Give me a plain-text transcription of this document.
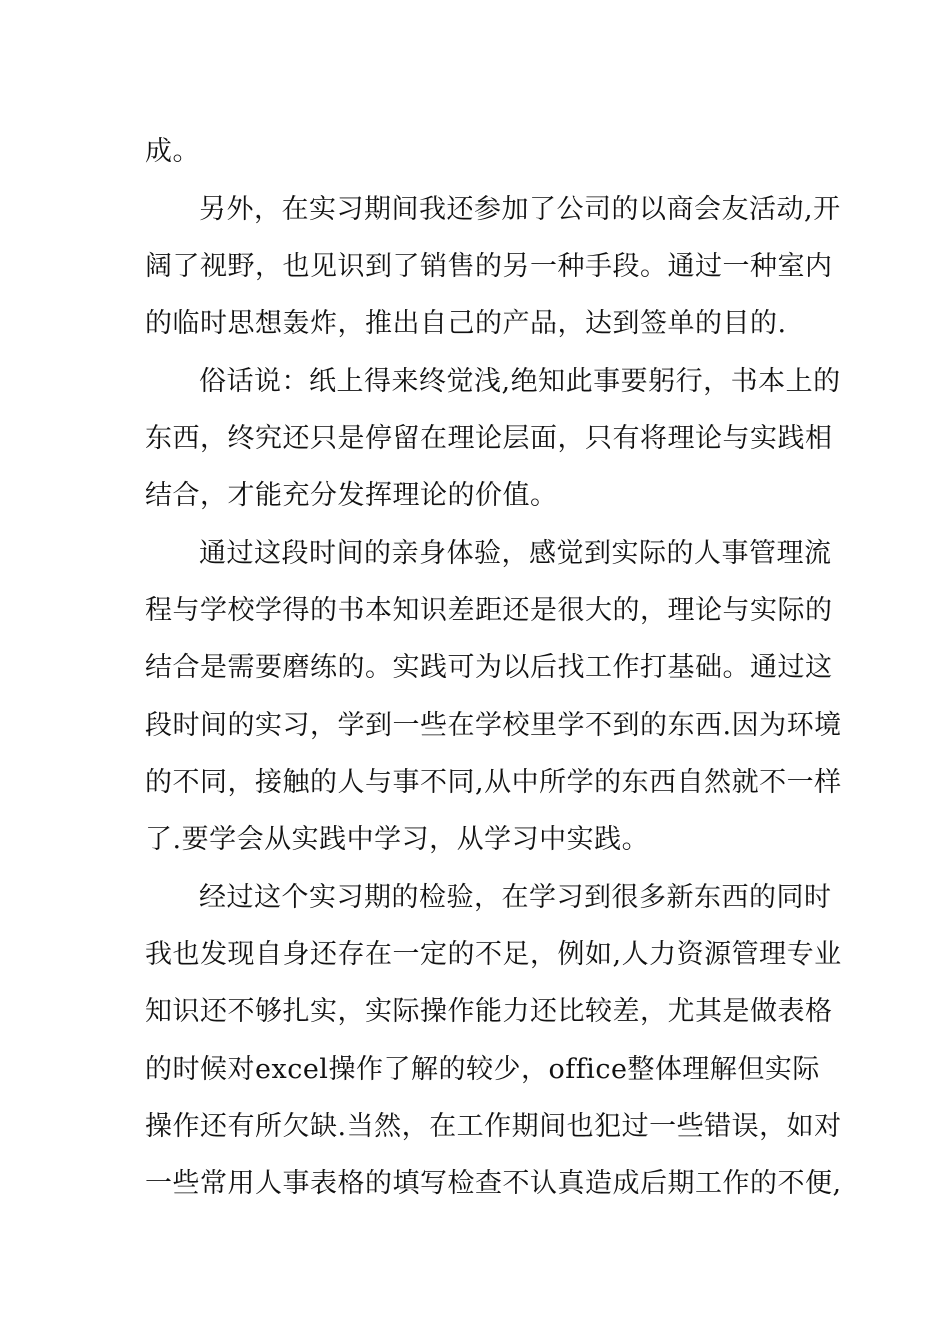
成。

另外，在实习期间我还参加了公司的以商会友活动,开

阔了视野，也见识到了销售的另一种手段。通过一种室内

的临时思想轰炸，推出自己的产品，达到签单的目的.

俗话说：纸上得来终觉浅,绝知此事要躬行，书本上的

东西，终究还只是停留在理论层面，只有将理论与实践相

结合，才能充分发挥理论的价值。

通过这段时间的亲身体验，感觉到实际的人事管理流

程与学校学得的书本知识差距还是很大的，理论与实际的

结合是需要磨练的。实践可为以后找工作打基础。通过这

段时间的实习，学到一些在学校里学不到的东西.因为环境

的不同，接触的人与事不同,从中所学的东西自然就不一样

了.要学会从实践中学习，从学习中实践。

经过这个实习期的检验，在学习到很多新东西的同时

我也发现自身还存在一定的不足，例如,人力资源管理专业

知识还不够扎实，实际操作能力还比较差，尤其是做表格

的时候对excel操作了解的较少，office整体理解但实际

操作还有所欠缺.当然，在工作期间也犯过一些错误，如对

一些常用人事表格的填写检查不认真造成后期工作的不便,
